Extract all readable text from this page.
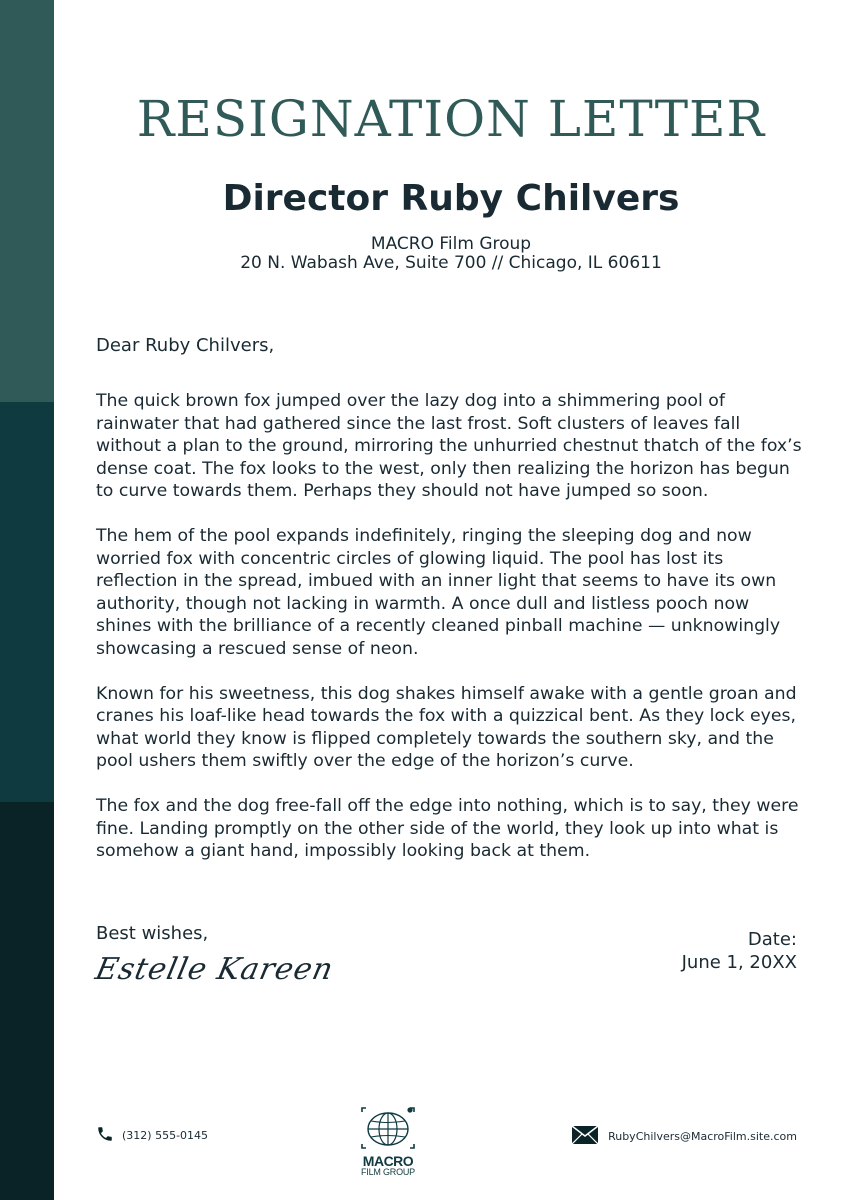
RESIGNATION LETTER
Director Ruby Chilvers

MACRO Film Group

20 N. Wabash Ave, Suite 700 // Chicago, IL 60611

Dear Ruby Chilvers,

The quick brown fox jumped over the lazy dog into a shimmering pool of rainwater that had gathered since the last frost. Soft clusters of leaves fall without a plan to the ground, mirroring the unhurried chestnut thatch of the fox’s dense coat. The fox looks to the west, only then realizing the horizon has begun to curve towards them. Perhaps they should not have jumped so soon.

The hem of the pool expands indefinitely, ringing the sleeping dog and now worried fox with concentric circles of glowing liquid. The pool has lost its reflection in the spread, imbued with an inner light that seems to have its own authority, though not lacking in warmth. A once dull and listless pooch now shines with the brilliance of a recently cleaned pinball machine — unknowingly showcasing a rescued sense of neon.

Known for his sweetness, this dog shakes himself awake with a gentle groan and cranes his loaf-like head towards the fox with a quizzical bent. As they lock eyes, what world they know is flipped completely towards the southern sky, and the pool ushers them swiftly over the edge of the horizon’s curve.

The fox and the dog free-fall off the edge into nothing, which is to say, they were fine. Landing promptly on the other side of the world, they look up into what is somehow a giant hand, impossibly looking back at them.

Best wishes,

Estelle Kareen
Date:
June 1, 20XX
(312) 555-0145
MACRO
FILM GROUP
RubyChilvers@MacroFilm.site.com
